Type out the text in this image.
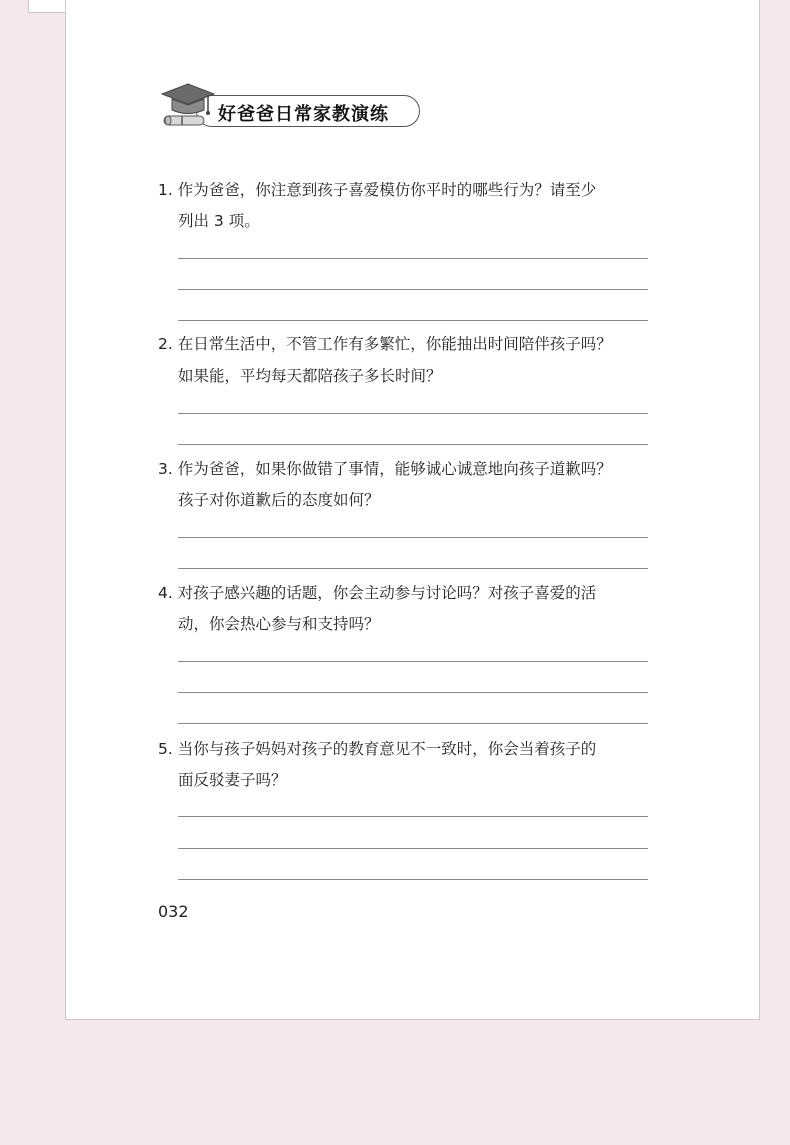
好爸爸日常家教演练
1. 作为爸爸，你注意到孩子喜爱模仿你平时的哪些行为？请至少
列出 3 项。
2. 在日常生活中，不管工作有多繁忙，你能抽出时间陪伴孩子吗？
如果能，平均每天都陪孩子多长时间？
3. 作为爸爸，如果你做错了事情，能够诚心诚意地向孩子道歉吗？
孩子对你道歉后的态度如何？
4. 对孩子感兴趣的话题，你会主动参与讨论吗？对孩子喜爱的活
动，你会热心参与和支持吗？
5. 当你与孩子妈妈对孩子的教育意见不一致时，你会当着孩子的
面反驳妻子吗？
032
